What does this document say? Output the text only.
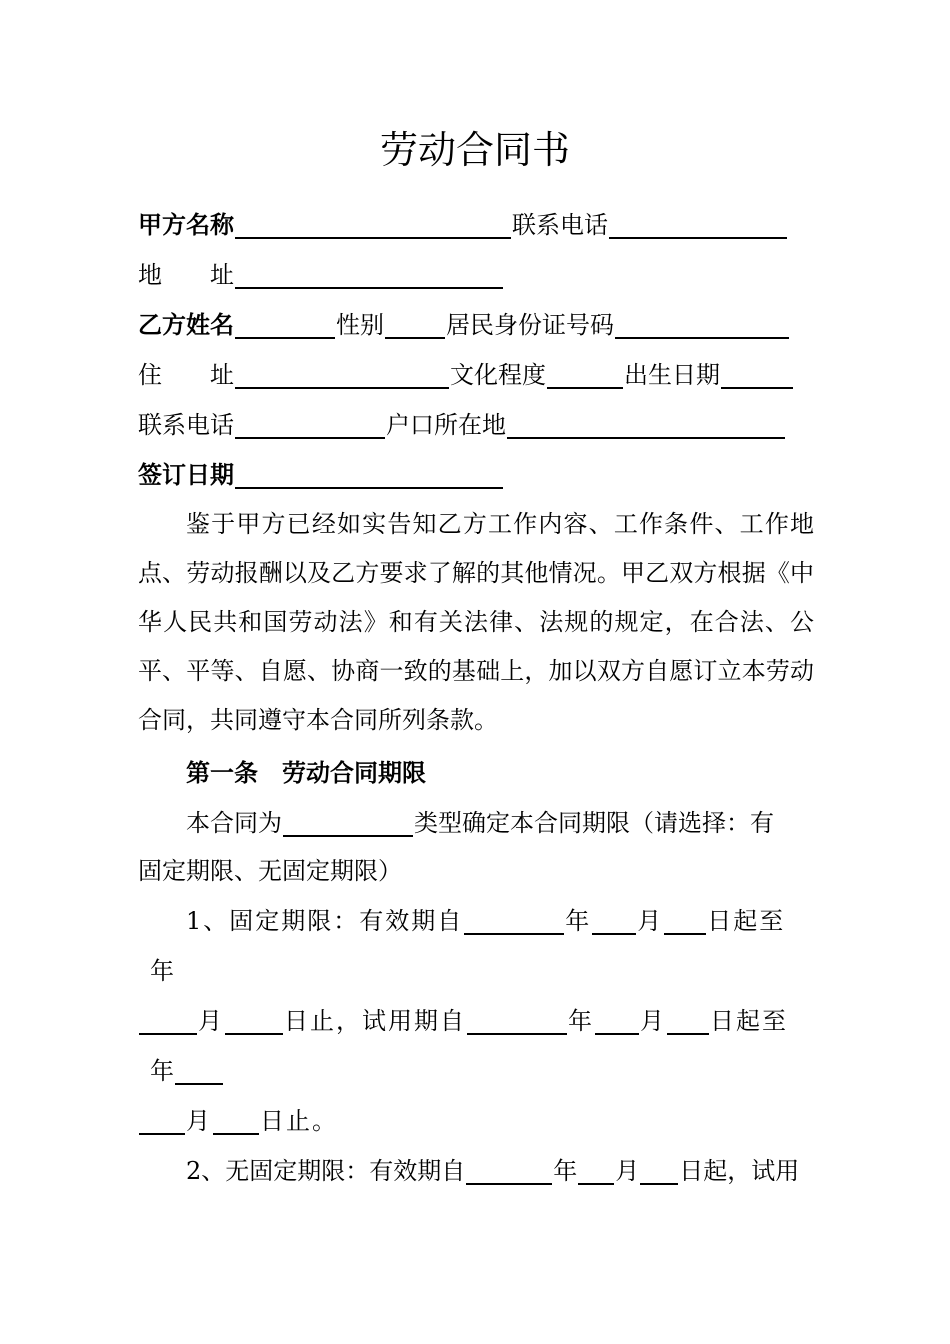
劳动合同书
甲方名称	联系电话
地　　址
乙方姓名	性别	居民身份证号码
住　　址	文化程度	出生日期
联系电话	户口所在地
签订日期
鉴于甲方已经如实告知乙方工作内容、工作条件、工作地点、劳动报酬以及乙方要求了解的其他情况。甲乙双方根据《中华人民共和国劳动法》和有关法律、法规的规定，在合法、公平、平等、自愿、协商一致的基础上，加以双方自愿订立本劳动合同，共同遵守本合同所列条款。
第一条　劳动合同期限
本合同为	类型确定本合同期限（请选择：有
固定期限、无固定期限）
1、固定期限：有效期自	年 月 日起至
年
月	日止，试用期自	年 月 日起至
年
月 日止。
2、无固定期限：有效期自	年 月 日起，试用
